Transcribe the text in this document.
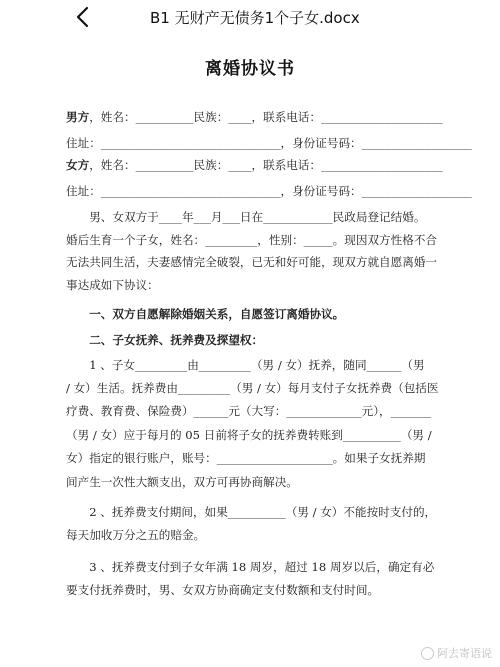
B1 无财产无债务1个子女.docx
离婚协议书
男方，姓名：__________民族：____，联系电话：_____________________
住址：_______________________________，身份证号码：___________________
女方，姓名：__________民族：____，联系电话：_____________________
住址：_______________________________，身份证号码：___________________
　　男、女双方于____年___月___日在____________民政局登记结婚。
婚后生育一个子女，姓名：_________，性别：_____。现因双方性格不合
无法共同生活，夫妻感情完全破裂，已无和好可能，现双方就自愿离婚一
事达成如下协议：
　　一、双方自愿解除婚姻关系，自愿签订离婚协议。
　　二、子女抚养、抚养费及探望权：
　　1 、子女_________由_________（男 / 女）抚养，随同______（男
/ 女）生活。抚养费由_________（男 / 女）每月支付子女抚养费（包括医
疗费、教育费、保险费）______元（大写：_____________元），_______
（男 / 女）应于每月的 05 日前将子女的抚养费转账到__________（男 /
女）指定的银行账户，账号：____________________。如果子女抚养期
间产生一次性大额支出，双方可再协商解决。
　　2 、抚养费支付期间，如果__________（男 / 女）不能按时支付的，
每天加收万分之五的赔金。
　　3 、抚养费支付到子女年满 18 周岁，超过 18 周岁以后，确定有必
要支付抚养费时，男、女双方协商确定支付数额和支付时间。
阿去寄语说
